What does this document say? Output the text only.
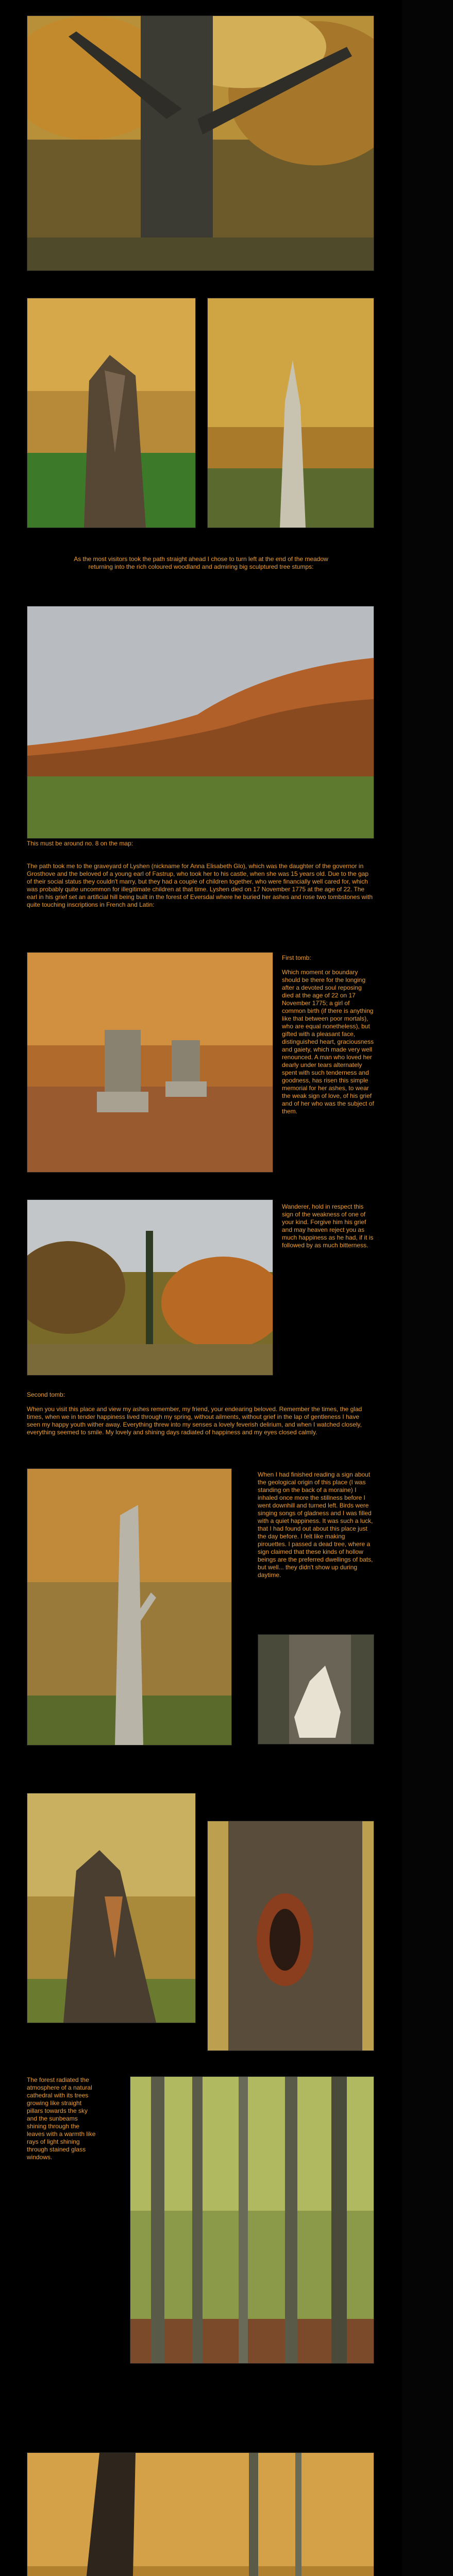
As the most visitors took the path straight ahead I chose to turn left at the end of the meadow returning into the rich coloured woodland and admiring big sculptured tree stumps:
This must be around no. 8 on the map:
The path took me to the graveyard of Lyshen (nickname for Anna Elisabeth Glo), which was the daughter of the governor in Grosthove and the beloved of a young earl of Fastrup, who took her to his castle, when she was 15 years old. Due to the gap of their social status they couldn't marry, but they had a couple of children together, who were financially well cared for, which was probably quite uncommon for illegitimate children at that time. Lyshen died on 17 November 1775 at the age of 22. The earl in his grief set an artificial hill being built in the forest of Eversdal where he buried her ashes and rose two tombstones with quite touching inscriptions in French and Latin:
First tomb:
Which moment or boundary should be there for the longing after a devoted soul reposing died at the age of 22 on 17 November 1775; a girl of common birth (if there is anything like that between poor mortals), who are equal nonetheless), but gifted with a pleasant face, distinguished heart, graciousness and gaiety, which made very well renounced. A man who loved her dearly under tears alternately spent with such tenderness and goodness, has risen this simple memorial for her ashes, to wear the weak sign of love, of his grief and of her who was the subject of them.
Wanderer, hold in respect this sign of the weakness of one of your kind. Forgive him his grief and may heaven reject you as much happiness as he had, if it is followed by as much bitterness.
Second tomb:
When you visit this place and view my ashes remember, my friend, your endearing beloved. Remember the times, the glad times, when we in tender happiness lived through my spring, without ailments, without grief in the lap of gentleness I have seen my happy youth wither away. Everything threw into my senses a lovely feverish delirium, and when I watched closely, everything seemed to smile. My lovely and shining days radiated of happiness and my eyes closed calmly.
When I had finished reading a sign about the geological origin of this place (I was standing on the back of a moraine) I inhaled once more the stillness before I went downhill and turned left. Birds were singing songs of gladness and I was filled with a quiet happiness. It was such a luck, that I had found out about this place just the day before. I felt like making pirouettes. I passed a dead tree, where a sign claimed that these kinds of hollow beings are the preferred dwellings of bats, but well... they didn't show up during daytime.
The forest radiated the atmosphere of a natural cathedral with its trees growing like straight pillars towards the sky and the sunbeams shining through the leaves with a warmth like rays of light shining through stained glass windows.
